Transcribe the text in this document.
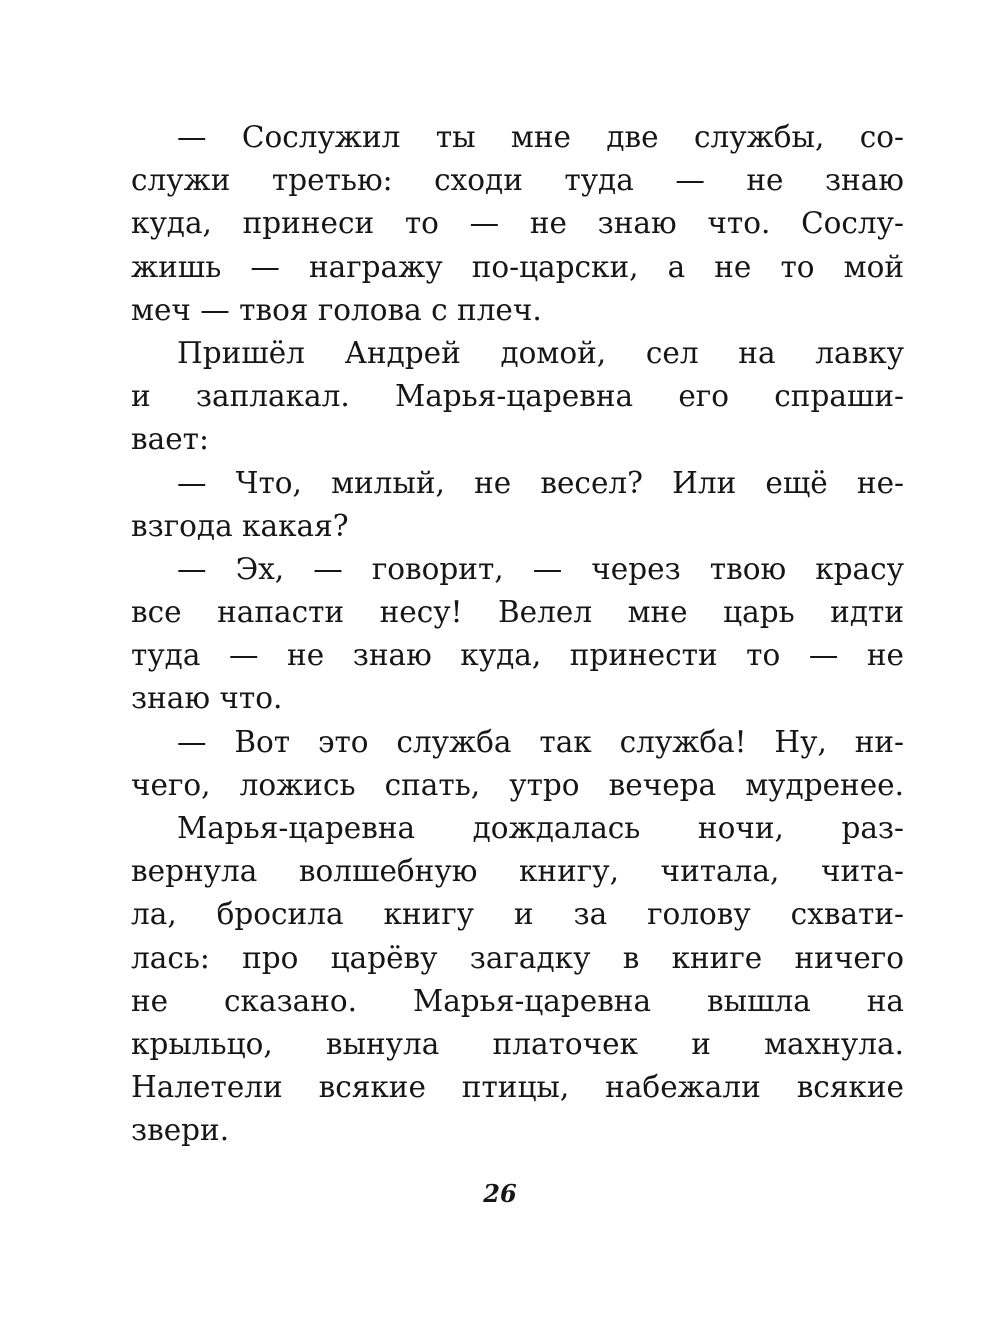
— Сослужил ты мне две службы, со-
служи третью: сходи туда — не знаю
куда, принеси то — не знаю что. Сослу-
жишь — награжу по-царски, а не то мой
меч — твоя голова с плеч.
Пришёл Андрей домой, сел на лавку
и заплакал. Марья-царевна его спраши-
вает:
— Что, милый, не весел? Или ещё не-
взгода какая?
— Эх, — говорит, — через твою красу
все напасти несу! Велел мне царь идти
туда — не знаю куда, принести то — не
знаю что.
— Вот это служба так служба! Ну, ни-
чего, ложись спать, утро вечера мудренее.
Марья-царевна дождалась ночи, раз-
вернула волшебную книгу, читала, чита-
ла, бросила книгу и за голову схвати-
лась: про царёву загадку в книге ничего
не сказано. Марья-царевна вышла на
крыльцо, вынула платочек и махнула.
Налетели всякие птицы, набежали всякие
звери.
26
